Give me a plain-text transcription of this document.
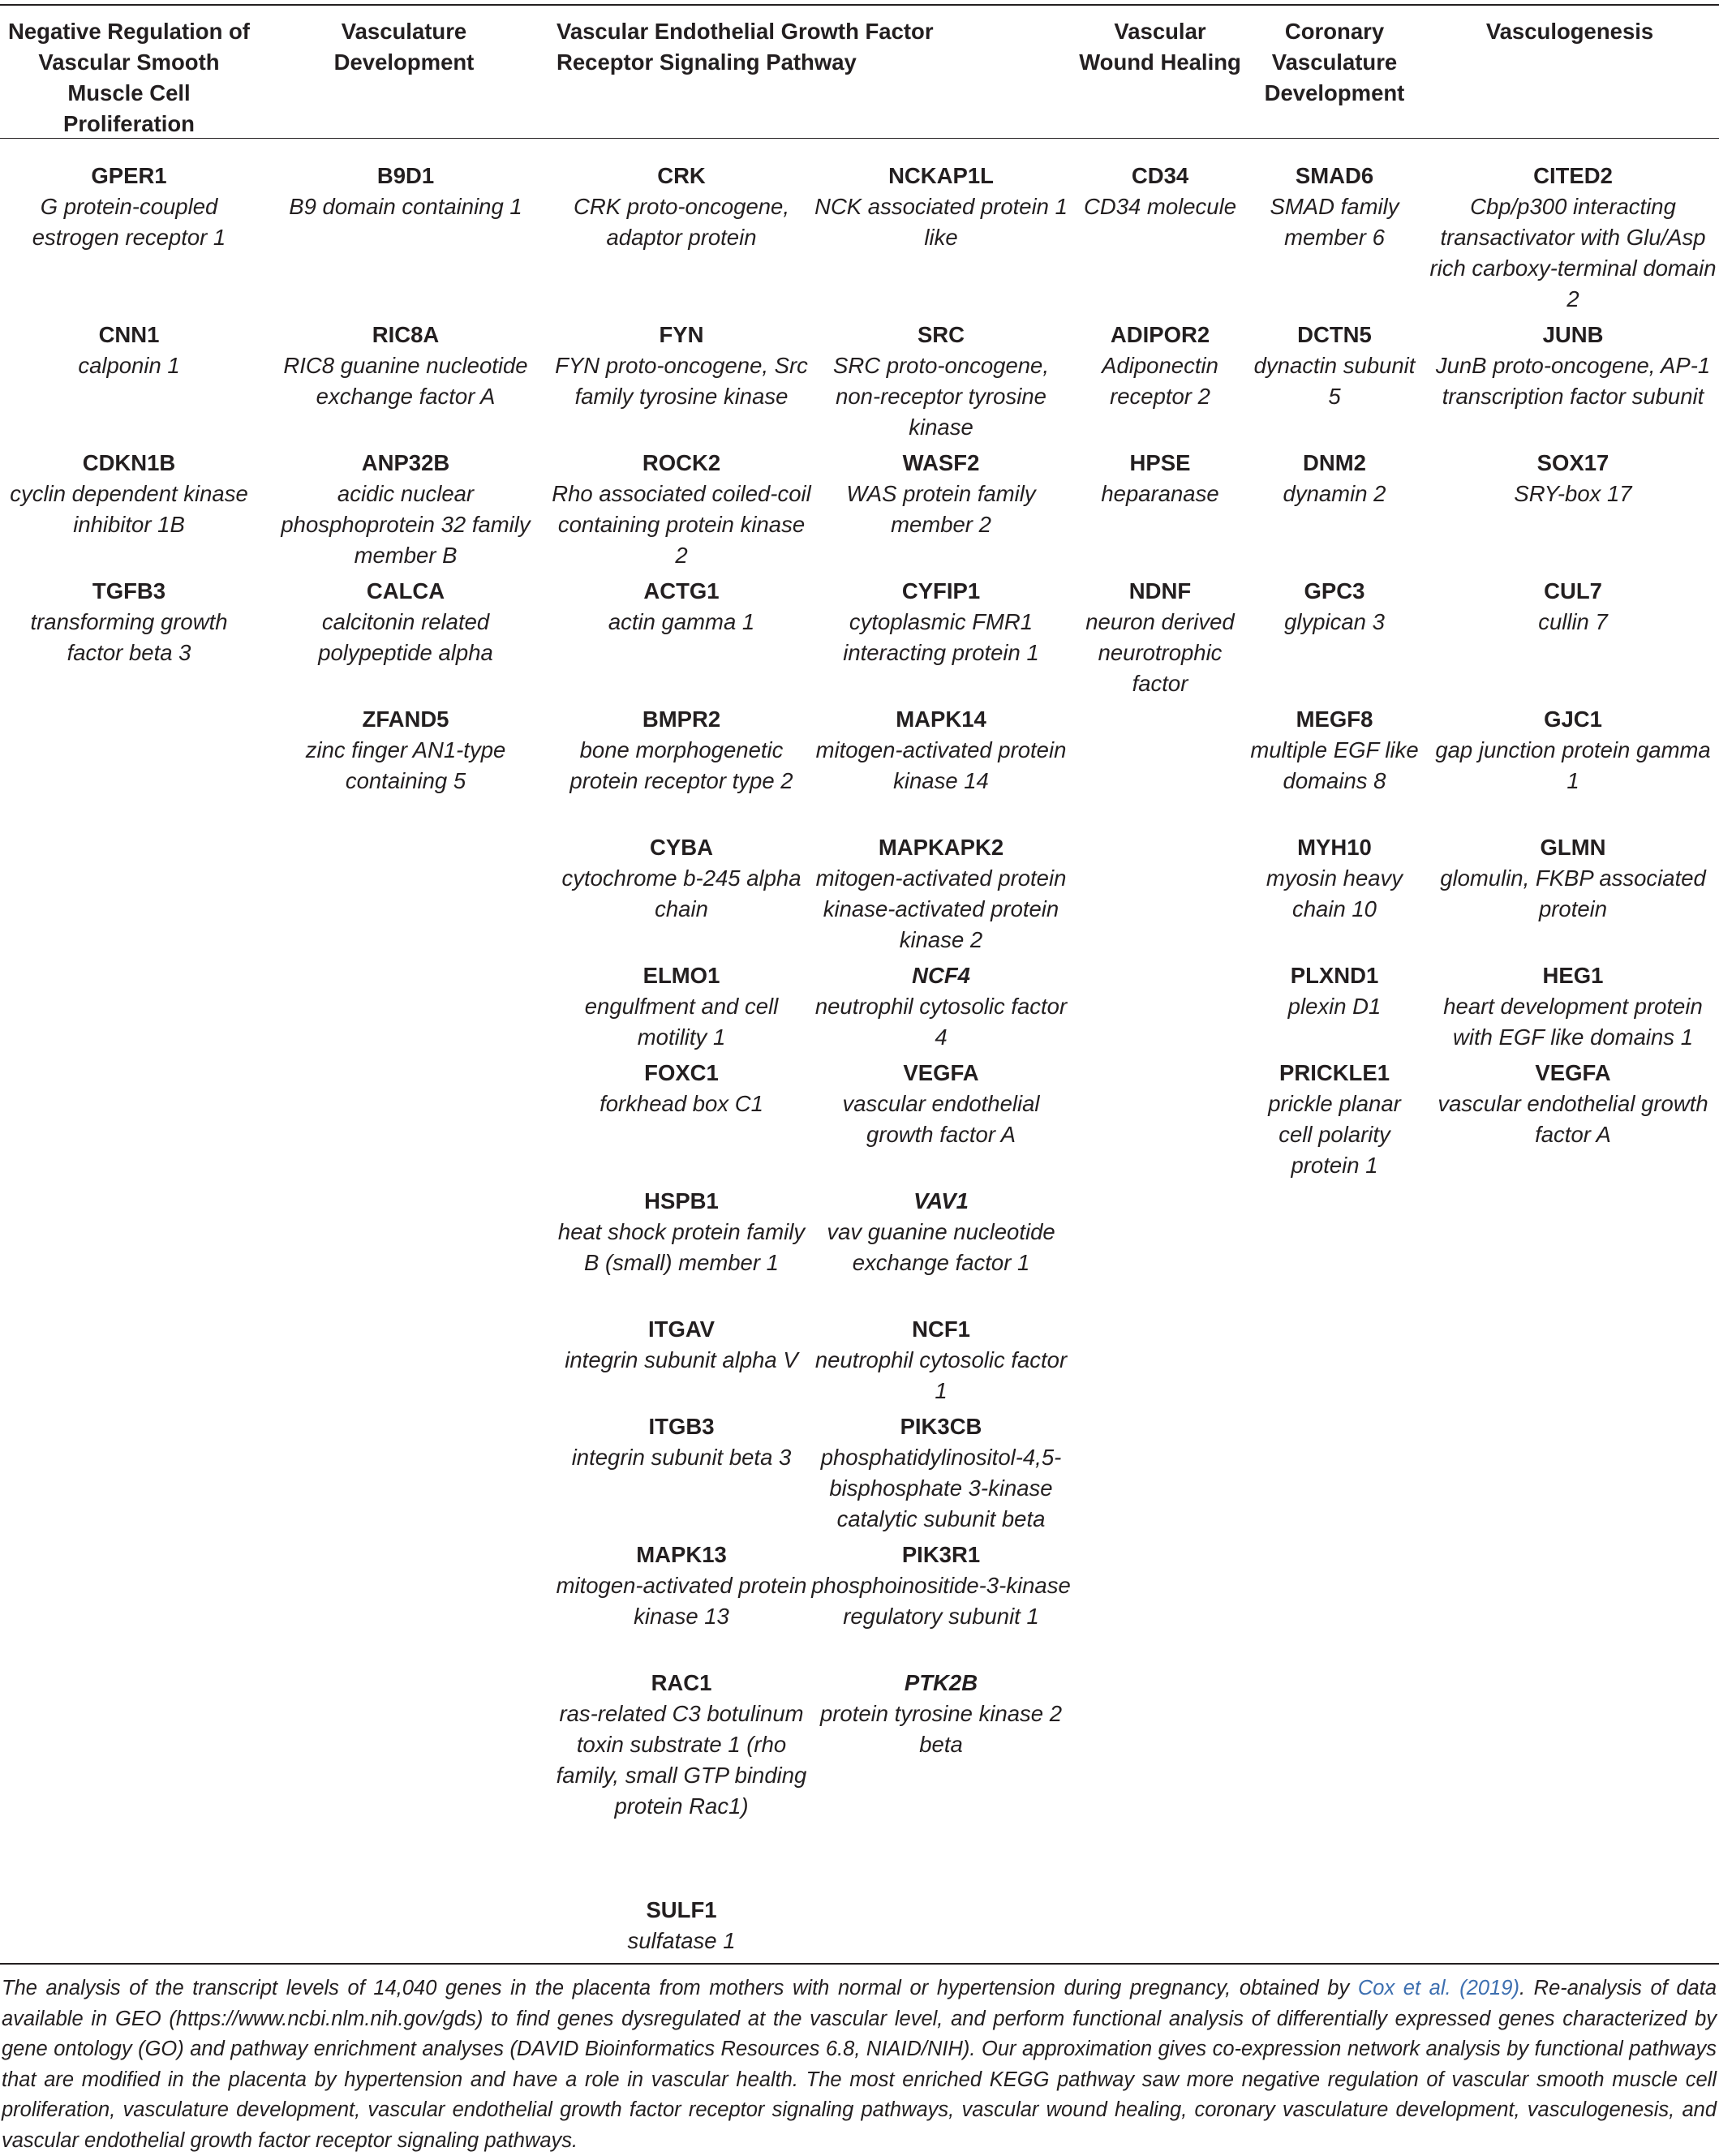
Negative Regulation of Vascular Smooth Muscle Cell Proliferation
Vasculature Development
Vascular Endothelial Growth Factor Receptor Signaling Pathway
Vascular Wound Healing
Coronary Vasculature Development
Vasculogenesis
GPER1
G protein-coupled estrogen receptor 1
CNN1
calponin 1
CDKN1B
cyclin dependent kinase inhibitor 1B
TGFB3
transforming growth factor beta 3
B9D1
B9 domain containing 1
RIC8A
RIC8 guanine nucleotide exchange factor A
ANP32B
acidic nuclear phosphoprotein 32 family member B
CALCA
calcitonin related polypeptide alpha
ZFAND5
zinc finger AN1-type containing 5
CRK
CRK proto-oncogene, adaptor protein
FYN
FYN proto-oncogene, Src family tyrosine kinase
ROCK2
Rho associated coiled-coil containing protein kinase 2
ACTG1
actin gamma 1
BMPR2
bone morphogenetic protein receptor type 2
CYBA
cytochrome b-245 alpha chain
ELMO1
engulfment and cell motility 1
FOXC1
forkhead box C1
HSPB1
heat shock protein family B (small) member 1
ITGAV
integrin subunit alpha V
ITGB3
integrin subunit beta 3
MAPK13
mitogen-activated protein kinase 13
RAC1
ras-related C3 botulinum toxin substrate 1 (rho family, small GTP binding protein Rac1)
SULF1
sulfatase 1
NCKAP1L
NCK associated protein 1 like
SRC
SRC proto-oncogene, non-receptor tyrosine kinase
WASF2
WAS protein family member 2
CYFIP1
cytoplasmic FMR1 interacting protein 1
MAPK14
mitogen-activated protein kinase 14
MAPKAPK2
mitogen-activated protein kinase-activated protein kinase 2
NCF4
neutrophil cytosolic factor 4
VEGFA
vascular endothelial growth factor A
VAV1
vav guanine nucleotide exchange factor 1
NCF1
neutrophil cytosolic factor 1
PIK3CB
phosphatidylinositol-4,5-bisphosphate 3-kinase catalytic subunit beta
PIK3R1
phosphoinositide-3-kinase regulatory subunit 1
PTK2B
protein tyrosine kinase 2 beta
CD34
CD34 molecule
ADIPOR2
Adiponectin receptor 2
HPSE
heparanase
NDNF
neuron derived neurotrophic factor
SMAD6
SMAD family member 6
DCTN5
dynactin subunit 5
DNM2
dynamin 2
GPC3
glypican 3
MEGF8
multiple EGF like domains 8
MYH10
myosin heavy chain 10
PLXND1
plexin D1
PRICKLE1
prickle planar cell polarity protein 1
CITED2
Cbp/p300 interacting transactivator with Glu/Asp rich carboxy-terminal domain 2
JUNB
JunB proto-oncogene, AP-1 transcription factor subunit
SOX17
SRY-box 17
CUL7
cullin 7
GJC1
gap junction protein gamma 1
GLMN
glomulin, FKBP associated protein
HEG1
heart development protein with EGF like domains 1
VEGFA
vascular endothelial growth factor A
The analysis of the transcript levels of 14,040 genes in the placenta from mothers with normal or hypertension during pregnancy, obtained by Cox et al. (2019). Re-analysis of data available in GEO (https://www.ncbi.nlm.nih.gov/gds) to find genes dysregulated at the vascular level, and perform functional analysis of differentially expressed genes characterized by gene ontology (GO) and pathway enrichment analyses (DAVID Bioinformatics Resources 6.8, NIAID/NIH). Our approximation gives co-expression network analysis by functional pathways that are modified in the placenta by hypertension and have a role in vascular health. The most enriched KEGG pathway saw more negative regulation of vascular smooth muscle cell proliferation, vasculature development, vascular endothelial growth factor receptor signaling pathways, vascular wound healing, coronary vasculature development, vasculogenesis, and vascular endothelial growth factor receptor signaling pathways.
